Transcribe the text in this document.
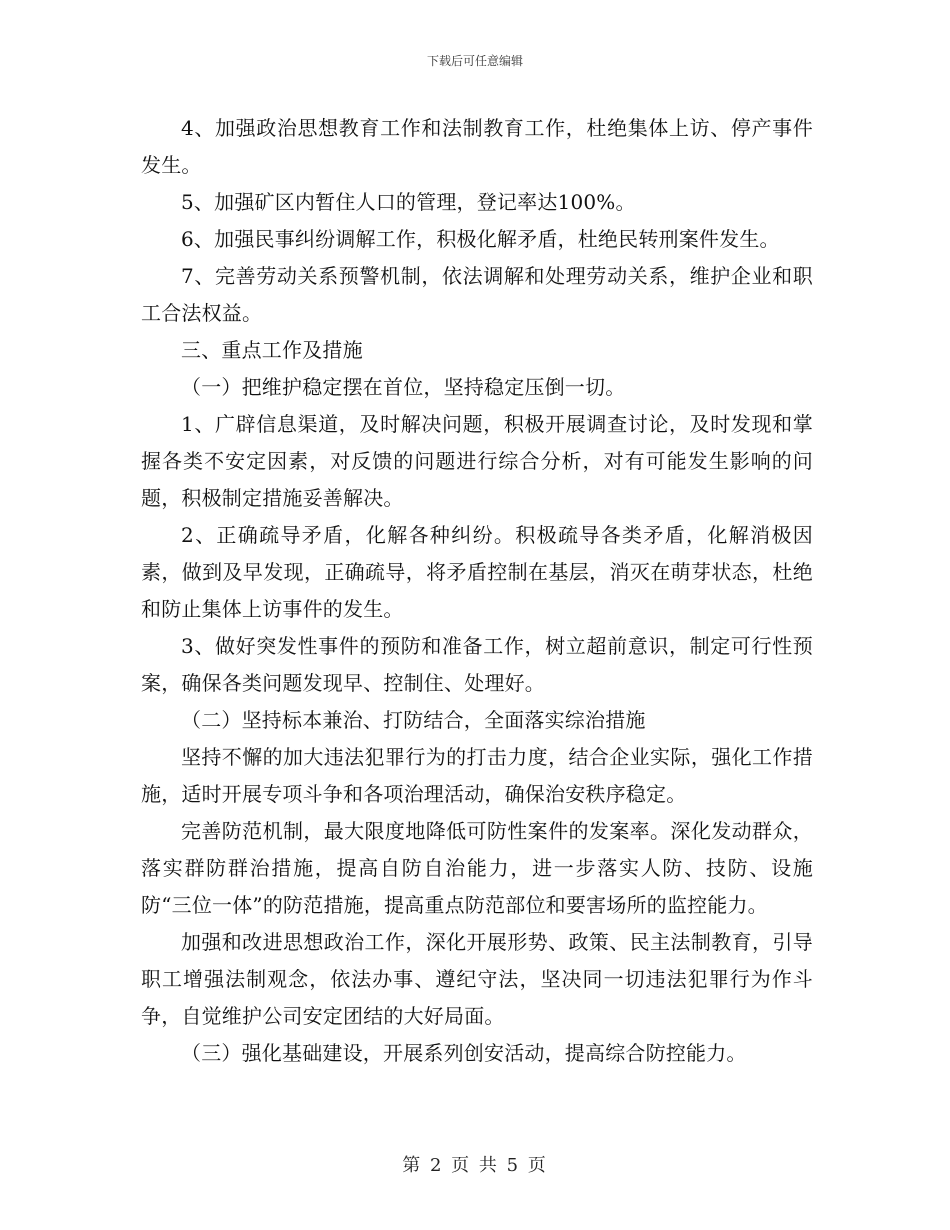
下载后可任意编辑

4、加强政治思想教育工作和法制教育工作，杜绝集体上访、停产事件发生。

5、加强矿区内暂住人口的管理，登记率达100%。

6、加强民事纠纷调解工作，积极化解矛盾，杜绝民转刑案件发生。

7、完善劳动关系预警机制，依法调解和处理劳动关系，维护企业和职工合法权益。

三、重点工作及措施

（一）把维护稳定摆在首位，坚持稳定压倒一切。

1、广辟信息渠道，及时解决问题，积极开展调查讨论，及时发现和掌握各类不安定因素，对反馈的问题进行综合分析，对有可能发生影响的问题，积极制定措施妥善解决。

2、正确疏导矛盾，化解各种纠纷。积极疏导各类矛盾，化解消极因素，做到及早发现，正确疏导，将矛盾控制在基层，消灭在萌芽状态，杜绝和防止集体上访事件的发生。

3、做好突发性事件的预防和准备工作，树立超前意识，制定可行性预案，确保各类问题发现早、控制住、处理好。

（二）坚持标本兼治、打防结合，全面落实综治措施

坚持不懈的加大违法犯罪行为的打击力度，结合企业实际，强化工作措施，适时开展专项斗争和各项治理活动，确保治安秩序稳定。

完善防范机制，最大限度地降低可防性案件的发案率。深化发动群众，落实群防群治措施，提高自防自治能力，进一步落实人防、技防、设施防“三位一体”的防范措施，提高重点防范部位和要害场所的监控能力。

加强和改进思想政治工作，深化开展形势、政策、民主法制教育，引导职工增强法制观念，依法办事、遵纪守法，坚决同一切违法犯罪行为作斗争，自觉维护公司安定团结的大好局面。

（三）强化基础建设，开展系列创安活动，提高综合防控能力。

第 2 页 共 5 页
